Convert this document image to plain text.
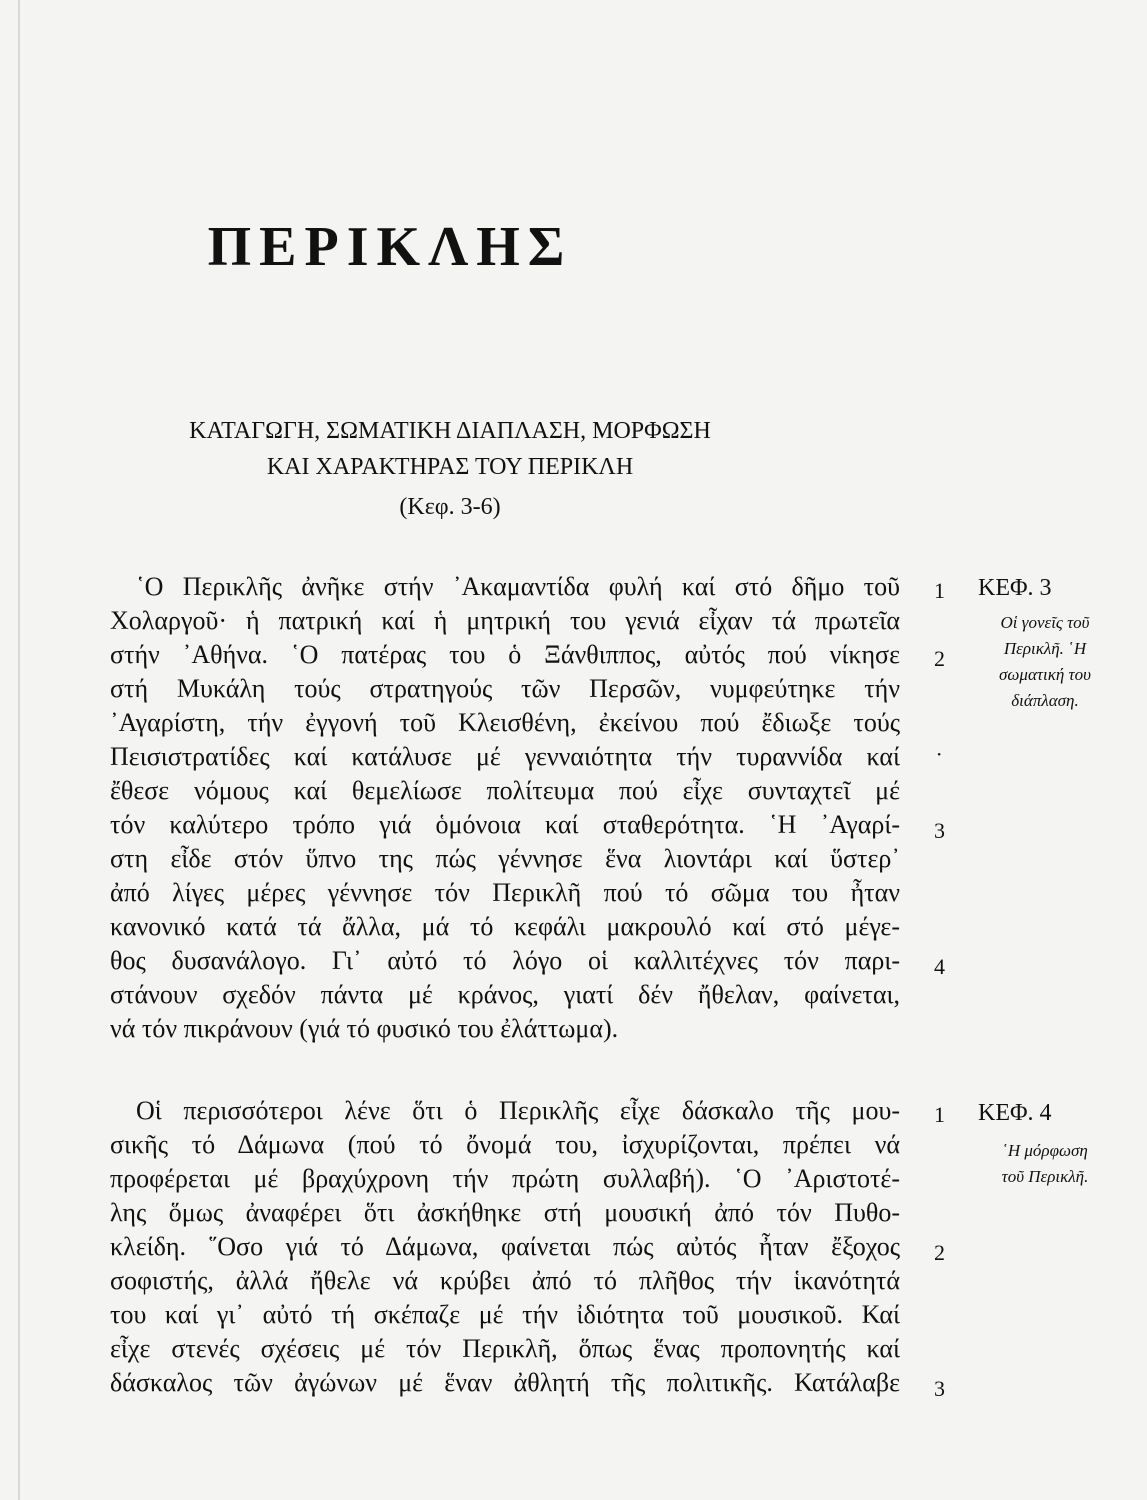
ΠΕΡΙΚΛΗΣ
ΚΑΤΑΓΩΓΗ, ΣΩΜΑΤΙΚΗ ΔΙΑΠΛΑΣΗ, ΜΟΡΦΩΣΗ
ΚΑΙ ΧΑΡΑΚΤΗΡΑΣ ΤΟΥ ΠΕΡΙΚΛΗ
(Κεφ. 3-6)
῾Ο Περικλῆς ἀνῆκε στήν ᾿Ακαμαντίδα φυλή καί στό δῆμο τοῦ
Χολαργοῦ· ἡ πατρική καί ἡ μητρική του γενιά εἶχαν τά πρωτεῖα
στήν ᾿Αθήνα. ῾Ο πατέρας του ὁ Ξάνθιππος, αὐτός πού νίκησε
στή Μυκάλη τούς στρατηγούς τῶν Περσῶν, νυμφεύτηκε τήν
᾿Αγαρίστη, τήν ἐγγονή τοῦ Κλεισθένη, ἐκείνου πού ἔδιωξε τούς
Πεισιστρατίδες καί κατάλυσε μέ γενναιότητα τήν τυραννίδα καί
ἔθεσε νόμους καί θεμελίωσε πολίτευμα πού εἶχε συνταχτεῖ μέ
τόν καλύτερο τρόπο γιά ὁμόνοια καί σταθερότητα. ῾Η ᾿Αγαρί-
στη εἶδε στόν ὕπνο της πώς γέννησε ἕνα λιοντάρι καί ὕστερ᾿
ἀπό λίγες μέρες γέννησε τόν Περικλῆ πού τό σῶμα του ἦταν
κανονικό κατά τά ἄλλα, μά τό κεφάλι μακρουλό καί στό μέγε-
θος δυσανάλογο. Γι᾿ αὐτό τό λόγο οἱ καλλιτέχνες τόν παρι-
στάνουν σχεδόν πάντα μέ κράνος, γιατί δέν ἤθελαν, φαίνεται,
νά τόν πικράνουν (γιά τό φυσικό του ἐλάττωμα).
Οἱ περισσότεροι λένε ὅτι ὁ Περικλῆς εἶχε δάσκαλο τῆς μου-
σικῆς τό Δάμωνα (πού τό ὄνομά του, ἰσχυρίζονται, πρέπει νά
προφέρεται μέ βραχύχρονη τήν πρώτη συλλαβή). ῾Ο ᾿Αριστοτέ-
λης ὅμως ἀναφέρει ὅτι ἀσκήθηκε στή μουσική ἀπό τόν Πυθο-
κλείδη. ῞Οσο γιά τό Δάμωνα, φαίνεται πώς αὐτός ἦταν ἔξοχος
σοφιστής, ἀλλά ἤθελε νά κρύβει ἀπό τό πλῆθος τήν ἱκανότητά
του καί γι᾿ αὐτό τή σκέπαζε μέ τήν ἰδιότητα τοῦ μουσικοῦ. Καί
εἶχε στενές σχέσεις μέ τόν Περικλῆ, ὅπως ἕνας προπονητής καί
δάσκαλος τῶν ἀγώνων μέ ἕναν ἀθλητή τῆς πολιτικῆς. Κατάλαβε
1
2
3
4
·
1
2
3
ΚΕΦ. 3
Οἱ γονεῖς τοῦ
Περικλῆ. ῾Η
σωματική του
διάπλαση.
ΚΕΦ. 4
῾Η μόρφωση
τοῦ Περικλῆ.
